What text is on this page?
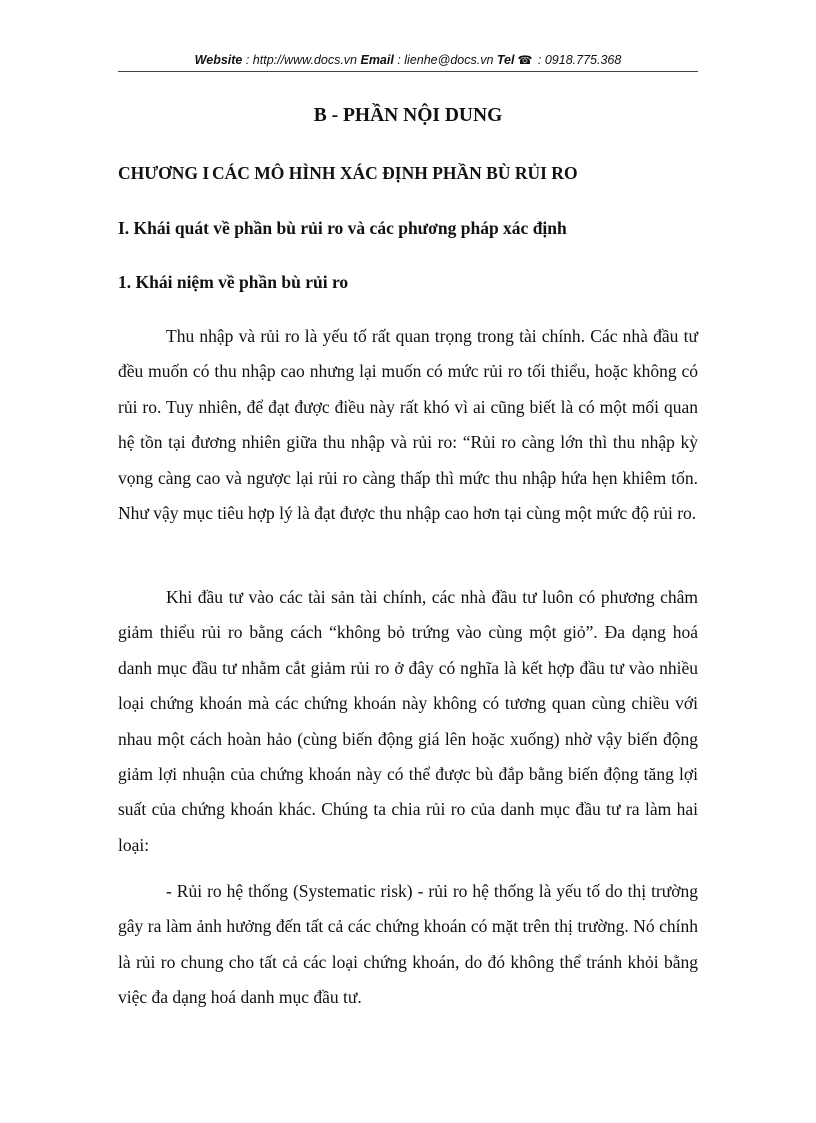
Website : http://www.docs.vn Email : lienhe@docs.vn Tel ☎ : 0918.775.368
B - PHẦN NỘI DUNG
CHƯƠNG I CÁC MÔ HÌNH XÁC ĐỊNH PHẦN BÙ RỦI RO
I. Khái quát về phần bù rủi ro và các phương pháp xác định
1. Khái niệm về phần bù rủi ro

Thu nhập và rủi ro là yếu tố rất quan trọng trong tài chính. Các nhà đầu tư đều muốn có thu nhập cao nhưng lại muốn có mức rủi ro tối thiểu, hoặc không có rủi ro. Tuy nhiên, để đạt được điều này rất khó vì ai cũng biết là có một mối quan hệ tồn tại đương nhiên giữa thu nhập và rủi ro: “Rủi ro càng lớn thì thu nhập kỳ vọng càng cao và ngược lại rủi ro càng thấp thì mức thu nhập hứa hẹn khiêm tốn. Như vậy mục tiêu hợp lý là đạt được thu nhập cao hơn tại cùng một mức độ rủi ro.

Khi đầu tư vào các tài sản tài chính, các nhà đầu tư luôn có phương châm giảm thiểu rủi ro bằng cách “không bỏ trứng vào cùng một giỏ”. Đa dạng hoá danh mục đầu tư nhằm cắt giảm rủi ro ở đây có nghĩa là kết hợp đầu tư vào nhiều loại chứng khoán mà các chứng khoán này không có tương quan cùng chiều với nhau một cách hoàn hảo (cùng biến động giá lên hoặc xuống) nhờ vậy biến động giảm lợi nhuận của chứng khoán này có thể được bù đắp bằng biến động tăng lợi suất của chứng khoán khác. Chúng ta chia rủi ro của danh mục đầu tư ra làm hai loại:

- Rủi ro hệ thống (Systematic risk) - rủi ro hệ thống là yếu tố do thị trường gây ra làm ảnh hưởng đến tất cả các chứng khoán có mặt trên thị trường. Nó chính là rủi ro chung cho tất cả các loại chứng khoán, do đó không thể tránh khỏi bằng việc đa dạng hoá danh mục đầu tư.
